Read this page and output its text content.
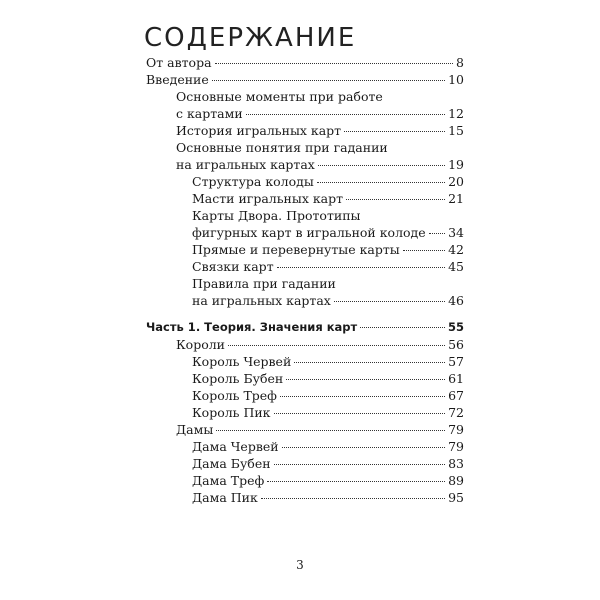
СОДЕРЖАНИЕ
От автора	8
Введение	10
Основные моменты при работе
с картами	12
История игральных карт	15
Основные понятия при гадании
на игральных картах	19
Структура колоды	20
Масти игральных карт	21
Карты Двора. Прототипы
фигурных карт в игральной колоде 34
Прямые и перевернутые карты	42
Связки карт	45
Правила при гадании
на игральных картах	46
Часть 1. Теория. Значения карт	55
Короли	56
Король Червей	57
Король Бубен	61
Король Треф	67
Король Пик	72
Дамы	79
Дама Червей	79
Дама Бубен	83
Дама Треф	89
Дама Пик	95
3
